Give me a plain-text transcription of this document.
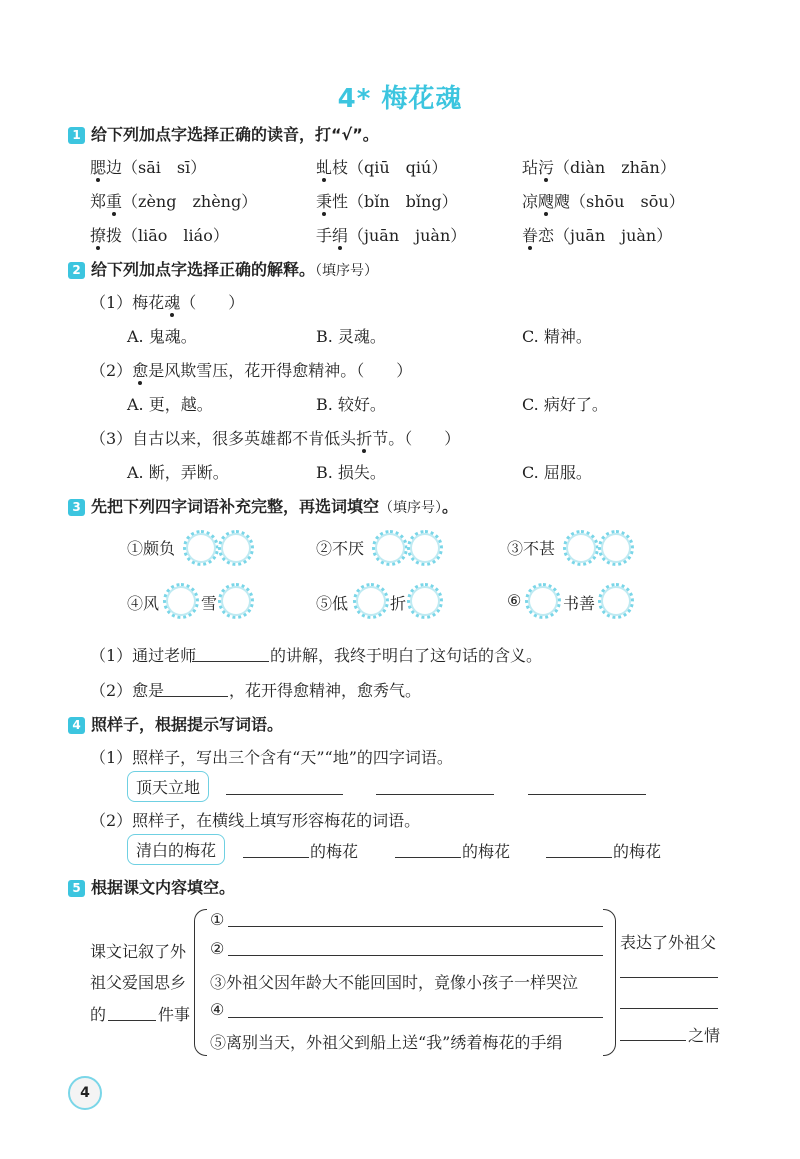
4* 梅花魂
1 给下列加点字选择正确的读音，打“√”。
腮边（sāi　sī）	虬枝（qiū　qiú）	玷污（diàn　zhān）
郑重（zèng　zhèng）	秉性（bǐn　bǐng）	凉飕飕（shōu　sōu）
撩拨（liāo　liáo）	手绢（juān　juàn）	眷恋（juān　juàn）
2 给下列加点字选择正确的解释。（填序号）
（1）梅花魂（　　）
A. 鬼魂。	B. 灵魂。	C. 精神。
（2）愈是风欺雪压，花开得愈精神。（　　）
A. 更，越。	B. 较好。	C. 病好了。
（3）自古以来，很多英雄都不肯低头折节。（　　）
A. 断，弄断。	B. 损失。	C. 屈服。
3 先把下列四字词语补充完整，再选词填空（填序号）。
①颇负	②不厌	③不甚
④风	雪	⑤低	折	⑥	书善
（1）通过老师	的讲解，我终于明白了这句话的含义。
（2）愈是	，花开得愈精神，愈秀气。
4 照样子，根据提示写词语。
（1）照样子，写出三个含有“天”“地”的四字词语。
顶天立地
（2）照样子，在横线上填写形容梅花的词语。
清白的梅花	的梅花	的梅花	的梅花
5 根据课文内容填空。
课文记叙了外
祖父爱国思乡
的	件事
①
②
③外祖父因年龄大不能回国时，竟像小孩子一样哭泣
④
⑤离别当天，外祖父到船上送“我”绣着梅花的手绢
表达了外祖父
之情
4
